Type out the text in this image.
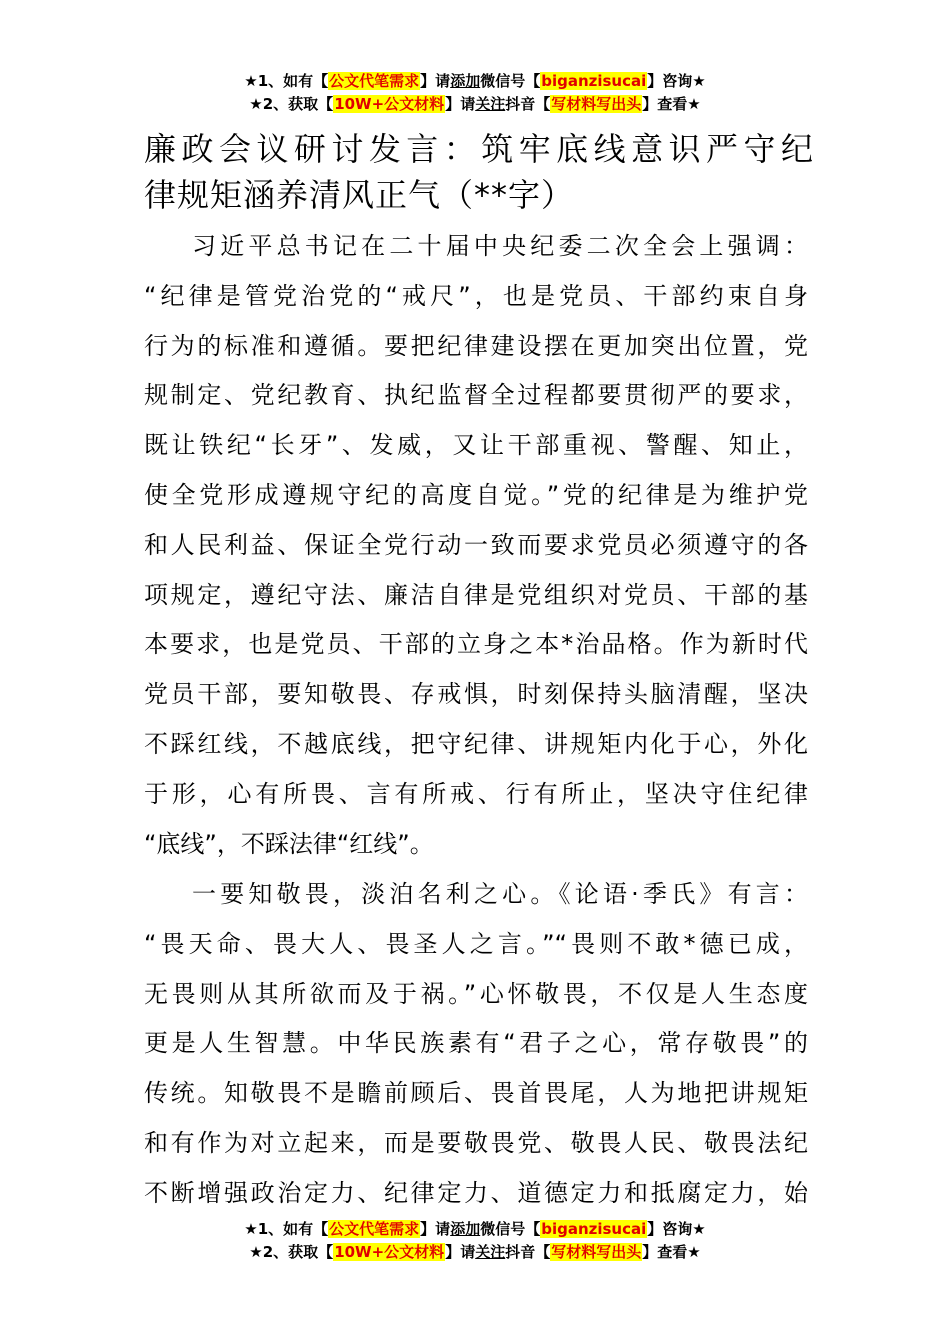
★1、如有【公文代笔需求】请添加微信号【biganzisucai】咨询★
★2、获取【10W+公文材料】请关注抖音【写材料写出头】查看★
廉政会议研讨发言：筑牢底线意识严守纪
律规矩涵养清风正气（**字）
习近平总书记在二十届中央纪委二次全会上强调：
“纪律是管党治党的“戒尺”，也是党员、干部约束自身
行为的标准和遵循。要把纪律建设摆在更加突出位置，党
规制定、党纪教育、执纪监督全过程都要贯彻严的要求，
既让铁纪“长牙”、发威，又让干部重视、警醒、知止，
使全党形成遵规守纪的高度自觉。”党的纪律是为维护党
和人民利益、保证全党行动一致而要求党员必须遵守的各
项规定，遵纪守法、廉洁自律是党组织对党员、干部的基
本要求，也是党员、干部的立身之本*治品格。作为新时代
党员干部，要知敬畏、存戒惧，时刻保持头脑清醒，坚决
不踩红线，不越底线，把守纪律、讲规矩内化于心，外化
于形，心有所畏、言有所戒、行有所止，坚决守住纪律
“底线”，不踩法律“红线”。
一要知敬畏，淡泊名利之心。《论语·季氏》有言：
“畏天命、畏大人、畏圣人之言。”“畏则不敢*德已成，
无畏则从其所欲而及于祸。”心怀敬畏，不仅是人生态度
更是人生智慧。中华民族素有“君子之心，常存敬畏”的
传统。知敬畏不是瞻前顾后、畏首畏尾，人为地把讲规矩
和有作为对立起来，而是要敬畏党、敬畏人民、敬畏法纪
不断增强政治定力、纪律定力、道德定力和抵腐定力，始
★1、如有【公文代笔需求】请添加微信号【biganzisucai】咨询★
★2、获取【10W+公文材料】请关注抖音【写材料写出头】查看★
